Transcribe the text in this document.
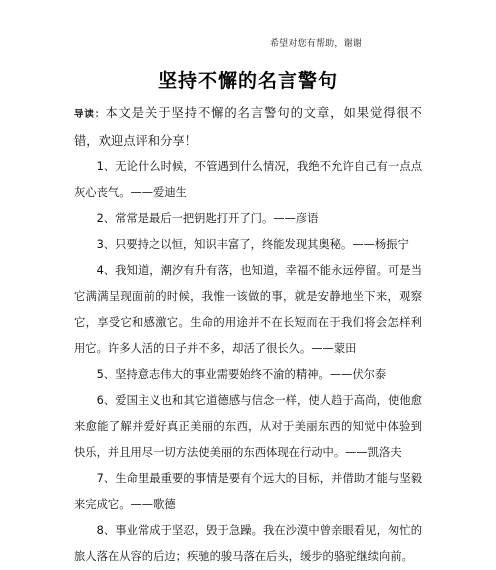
希望对您有帮助，谢谢
坚持不懈的名言警句

导读：本文是关于坚持不懈的名言警句的文章，如果觉得很不错，欢迎点评和分享！

1、无论什么时候，不管遇到什么情况，我绝不允许自己有一点点灰心丧气。——爱迪生

2、常常是最后一把钥匙打开了门。——彦语

3、只要持之以恒，知识丰富了，终能发现其奥秘。——杨振宁

4、我知道，潮汐有升有落，也知道，幸福不能永远停留。可是当它满满呈现面前的时候，我惟一该做的事，就是安静地坐下来，观察它，享受它和感激它。生命的用途并不在长短而在于我们将会怎样利用它。许多人活的日子并不多，却活了很长久。——蒙田

5、坚持意志伟大的事业需要始终不渝的精神。——伏尔泰

6、爱国主义也和其它道德感与信念一样，使人趋于高尚，使他愈来愈能了解并爱好真正美丽的东西，从对于美丽东西的知觉中体验到快乐，并且用尽一切方法使美丽的东西体现在行动中。——凯洛夫

7、生命里最重要的事情是要有个远大的目标，并借助才能与坚毅来完成它。——歌德

8、事业常成于坚忍，毁于急躁。我在沙漠中曾亲眼看见，匆忙的旅人落在从容的后边；疾驰的骏马落在后头，缓步的骆驼继续向前。
